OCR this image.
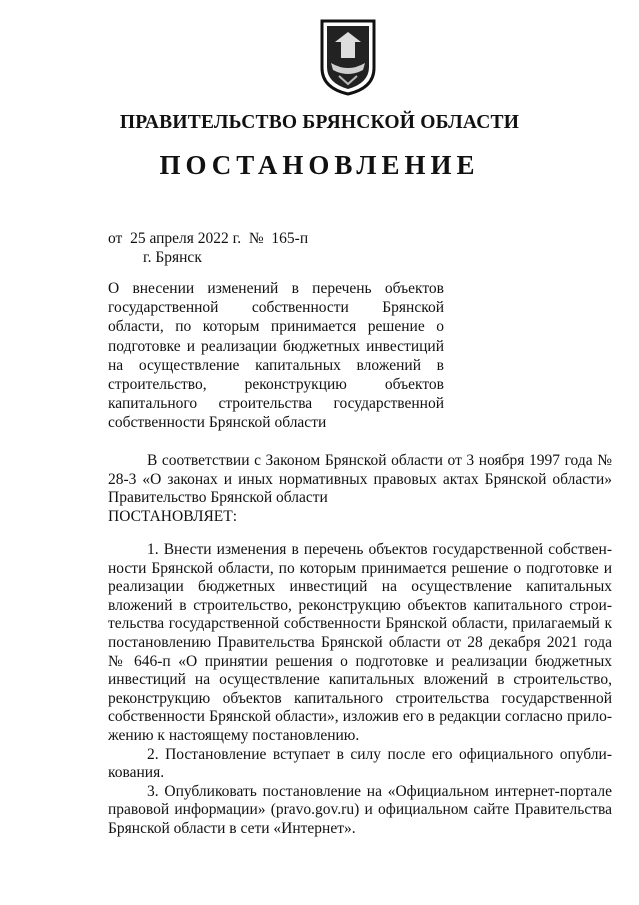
ПРАВИТЕЛЬСТВО БРЯНСКОЙ ОБЛАСТИ
ПОСТАНОВЛЕНИЕ
от  25 апреля 2022 г.  №  165-п
г. Брянск
О внесении изменений в перечень объектов государственной собственности Брянской области, по которым принимается решение о подготовке и реализации бюджетных инвестиций на осуществление капитальных вложений в строительство, реконструкцию объектов капитального строительства государственной собственности Брянской области

В соответствии с Законом Брянской области от 3 ноября 1997 года № 28-3 «О законах и иных нормативных правовых актах Брянской области» Правительство Брянской области

ПОСТАНОВЛЯЕТ:

1. Внести изменения в перечень объектов государственной собственности Брянской области, по которым принимается решение о подготовке и реализации бюджетных инвестиций на осуществление капитальных вложений в строительство, реконструкцию объектов капитального строительства государственной собственности Брянской области, прилагаемый к постановлению Правительства Брянской области от 28 декабря 2021 года № 646-п «О принятии решения о подготовке и реализации бюджетных инвестиций на осуществление капитальных вложений в строительство, реконструкцию объектов капитального строительства государственной собственности Брянской области», изложив его в редакции согласно приложению к настоящему постановлению.

2. Постановление вступает в силу после его официального опубликования.

3. Опубликовать постановление на «Официальном интернет-портале правовой информации» (pravo.gov.ru) и официальном сайте Правительства Брянской области в сети «Интернет».
